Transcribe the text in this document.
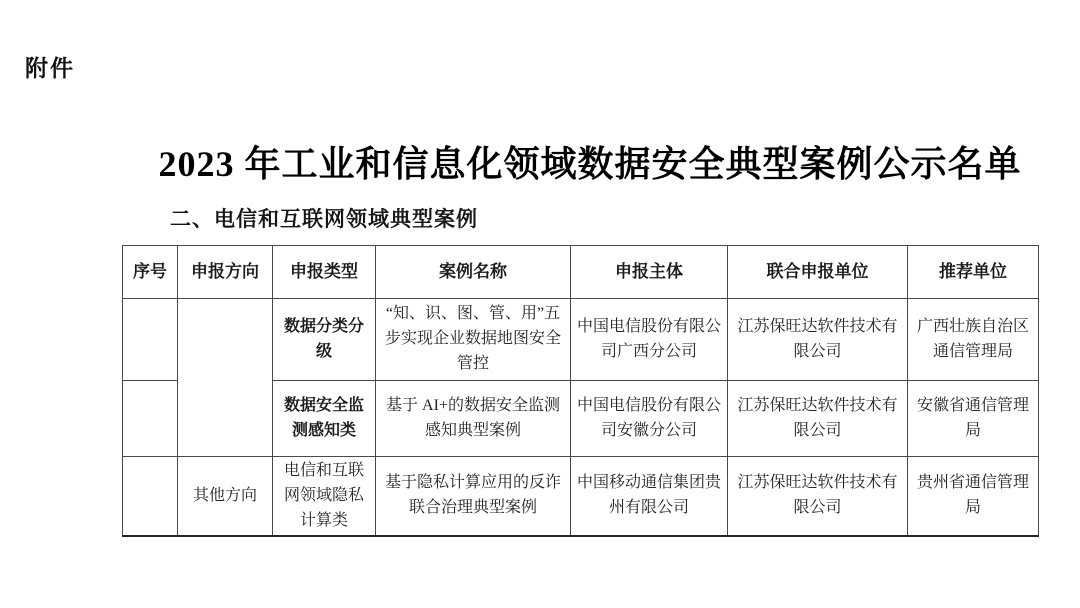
附件
2023 年工业和信息化领域数据安全典型案例公示名单
二、电信和互联网领域典型案例
序号	申报方向	申报类型	案例名称	申报主体	联合申报单位	推荐单位
		数据分类分级	“知、识、图、管、用”五步实现企业数据地图安全管控	中国电信股份有限公司广西分公司	江苏保旺达软件技术有限公司	广西壮族自治区通信管理局
		数据安全监测感知类	基于 AI+的数据安全监测感知典型案例	中国电信股份有限公司安徽分公司	江苏保旺达软件技术有限公司	安徽省通信管理局
	其他方向	电信和互联网领域隐私计算类	基于隐私计算应用的反诈联合治理典型案例	中国移动通信集团贵州有限公司	江苏保旺达软件技术有限公司	贵州省通信管理局
